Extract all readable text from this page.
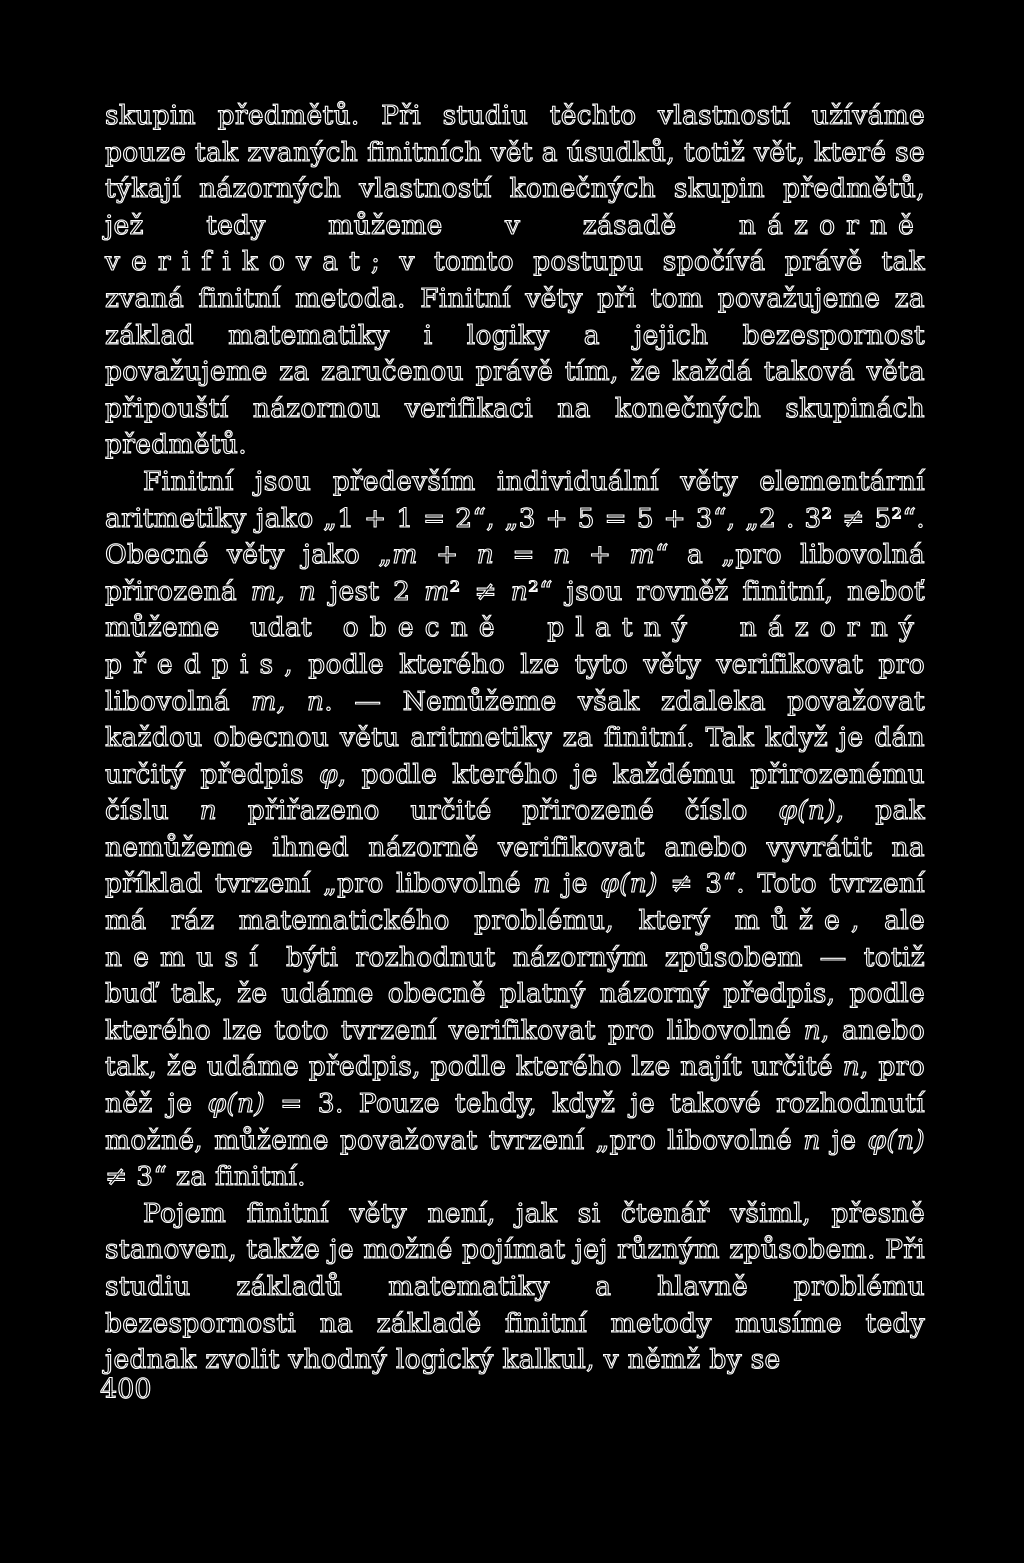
skupin předmětů. Při studiu těchto vlastností užíváme pouze tak zvaných finitních vět a úsudků, totiž vět, které se týkají názorných vlastností konečných skupin předmětů, jež tedy můžeme v zásadě názorně verifikovat; v tomto postupu spočívá právě tak zvaná finitní metoda. Finitní věty při tom považujeme za základ matematiky i logiky a jejich bezespornost považujeme za zaručenou právě tím, že každá taková věta připouští názornou verifikaci na konečných skupinách předmětů.

Finitní jsou především individuální věty elementární aritmetiky jako „1 + 1 = 2“, „3 + 5 = 5 + 3“, „2 . 3² ≠ 5²“. Obecné věty jako „m + n = n + m“ a „pro libovolná přirozená m, n jest 2 m² ≠ n²“ jsou rovněž finitní, neboť můžeme udat obecně platný názorný předpis, podle kterého lze tyto věty verifikovat pro libovolná m, n. — Nemůžeme však zdaleka považovat každou obecnou větu aritmetiky za finitní. Tak když je dán určitý předpis φ, podle kterého je každému přirozenému číslu n přiřazeno určité přirozené číslo φ(n), pak nemůžeme ihned názorně verifikovat anebo vyvrátit na příklad tvrzení „pro libovolné n je φ(n) ≠ 3“. Toto tvrzení má ráz matematického problému, který může, ale nemusí býti rozhodnut názorným způsobem — totiž buď tak, že udáme obecně platný názorný předpis, podle kterého lze toto tvrzení verifikovat pro libovolné n, anebo tak, že udáme předpis, podle kterého lze najít určité n, pro něž je φ(n) = 3. Pouze tehdy, když je takové rozhodnutí možné, můžeme považovat tvrzení „pro libovolné n je φ(n) ≠ 3“ za finitní.

Pojem finitní věty není, jak si čtenář všiml, přesně stanoven, takže je možné pojímat jej různým způsobem. Při studiu základů matematiky a hlavně problému bezespornosti na základě finitní metody musíme tedy jednak zvolit vhodný logický kalkul, v němž by se

400
